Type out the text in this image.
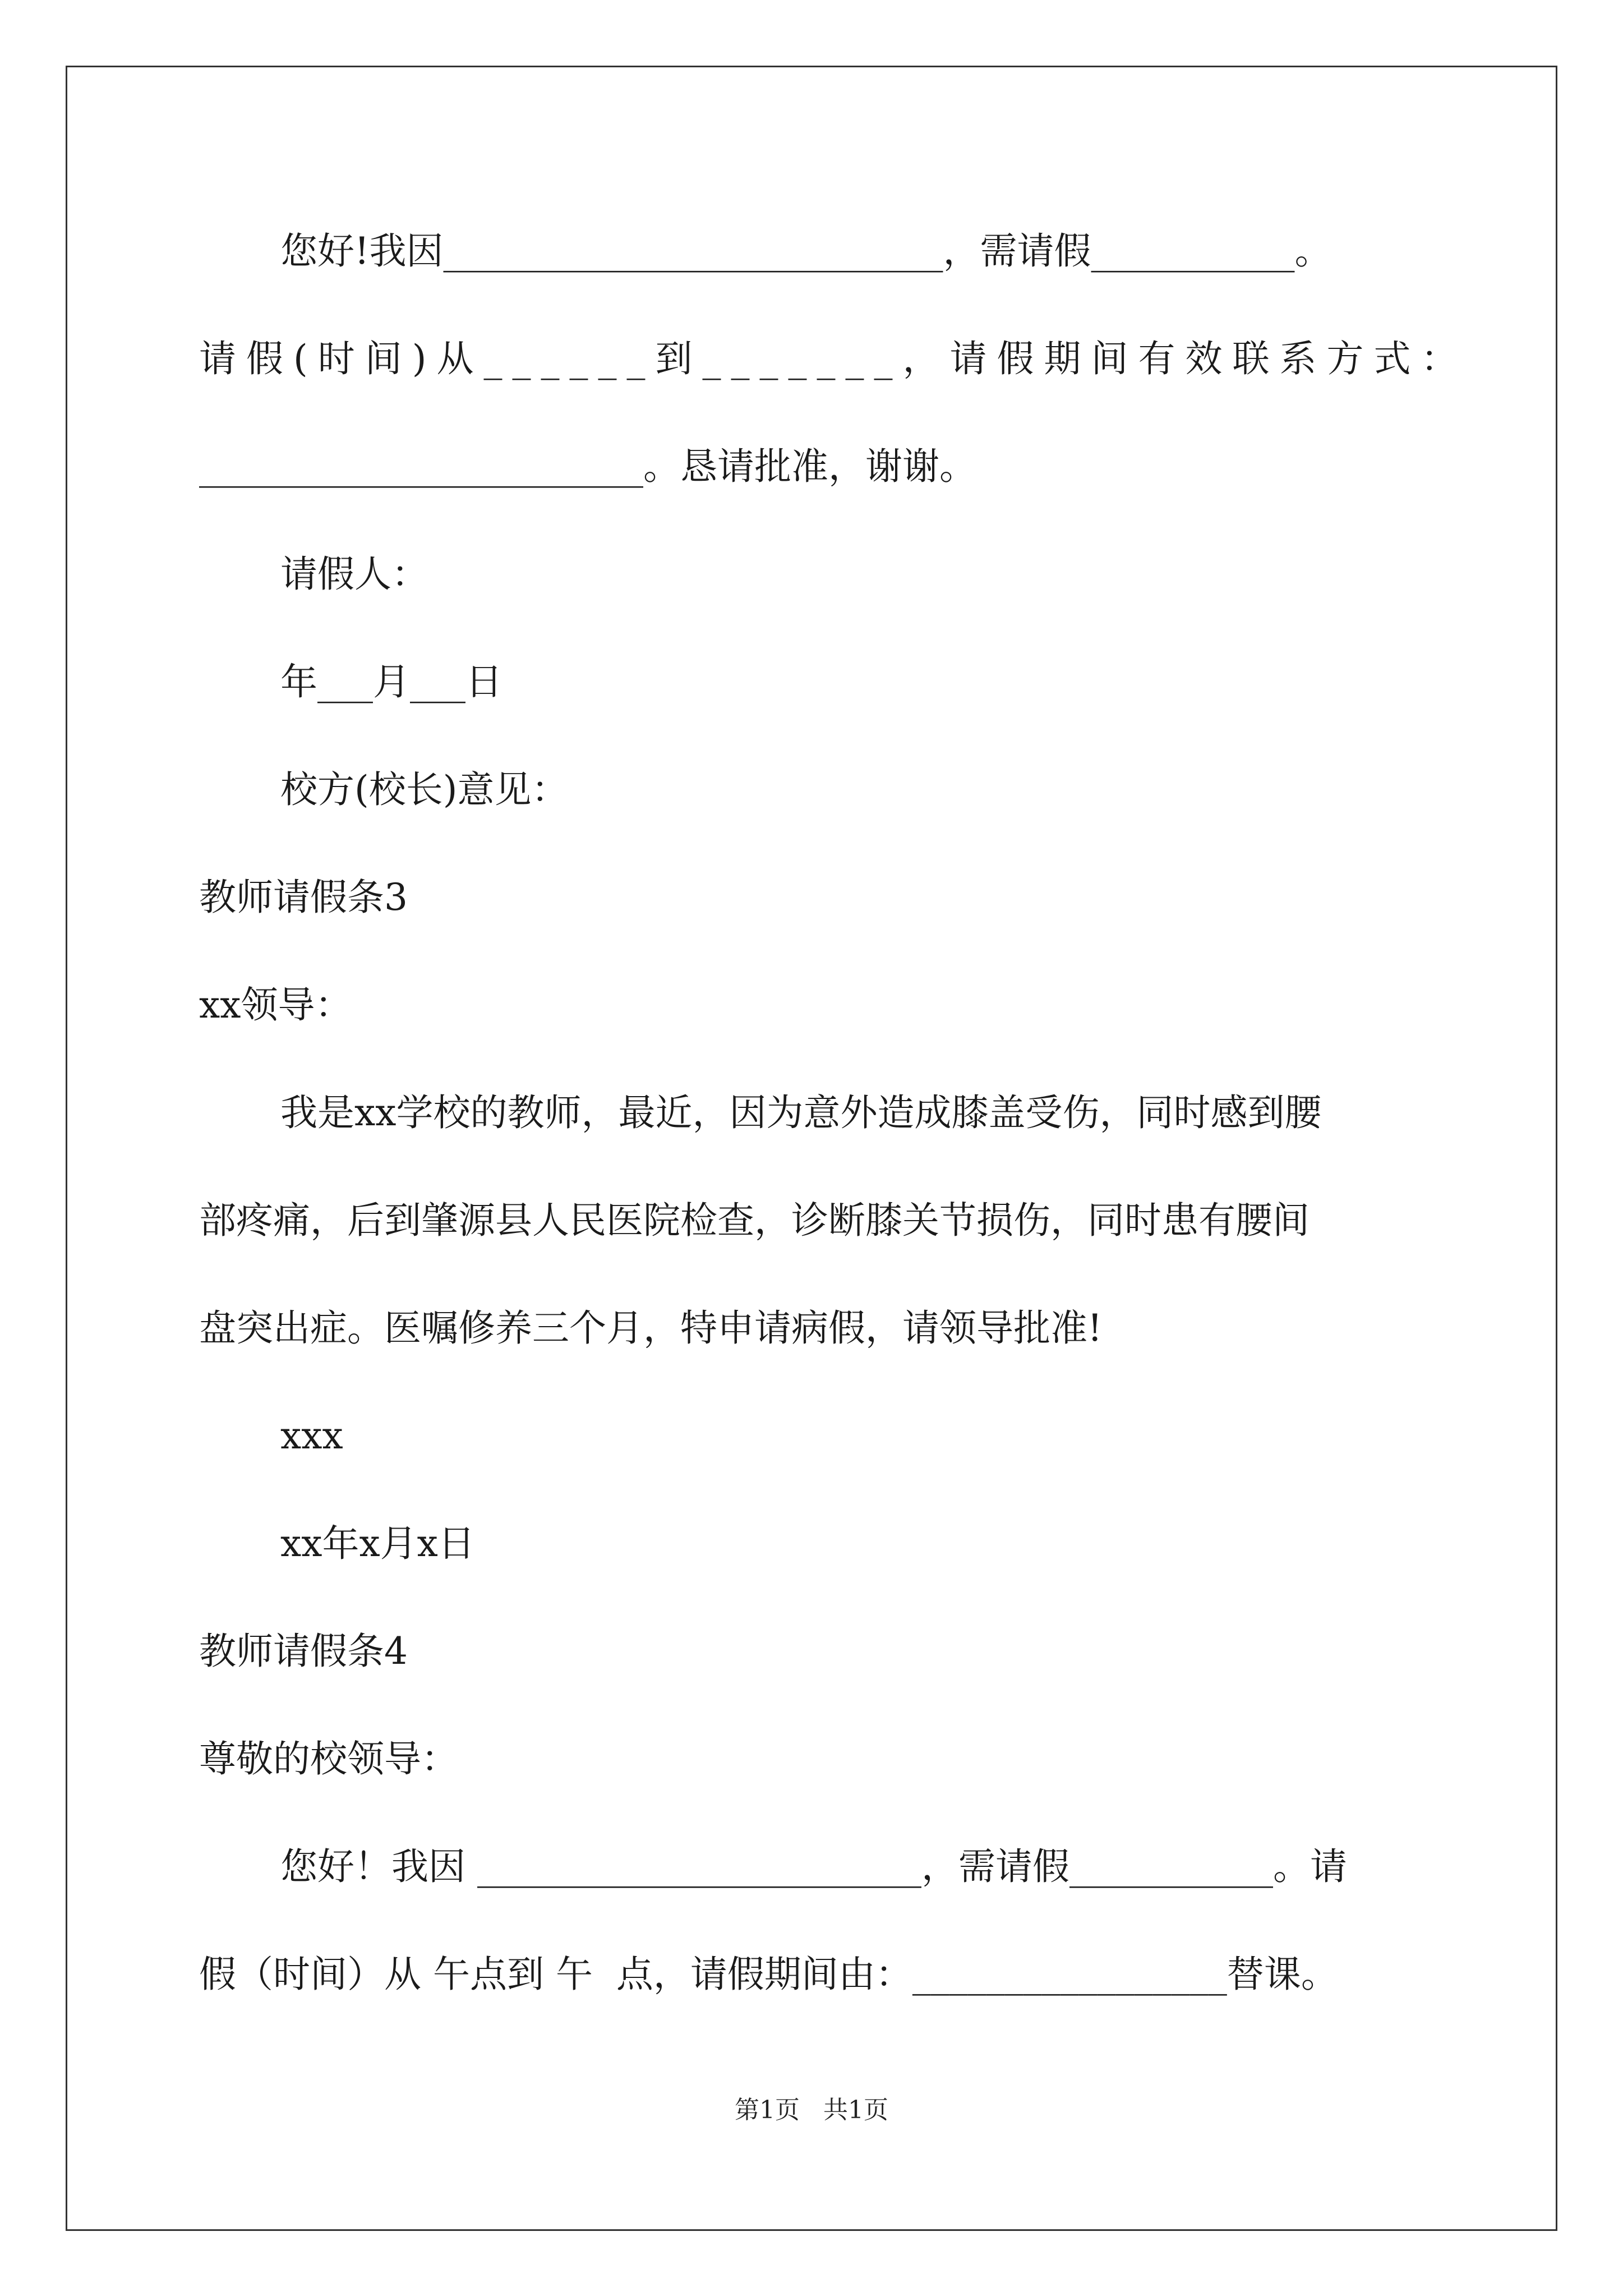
您好!我因___________________________，需请假___________。
请假(时间)从______到_______，请假期间有效联系方式：
________________________。恳请批准，谢谢。
请假人：
年___月___日
校方(校长)意见：
教师请假条3
xx领导：
我是xx学校的教师，最近，因为意外造成膝盖受伤，同时感到腰
部疼痛，后到肇源县人民医院检查，诊断膝关节损伤，同时患有腰间
盘突出症。医嘱修养三个月，特申请病假，请领导批准!
xxx
xx年x月x日
教师请假条4
尊敬的校领导：
您好！我因 ________________________，需请假___________。请
假（时间）从 午点到 午  点，请假期间由：_________________替课。
第1页   共1页
